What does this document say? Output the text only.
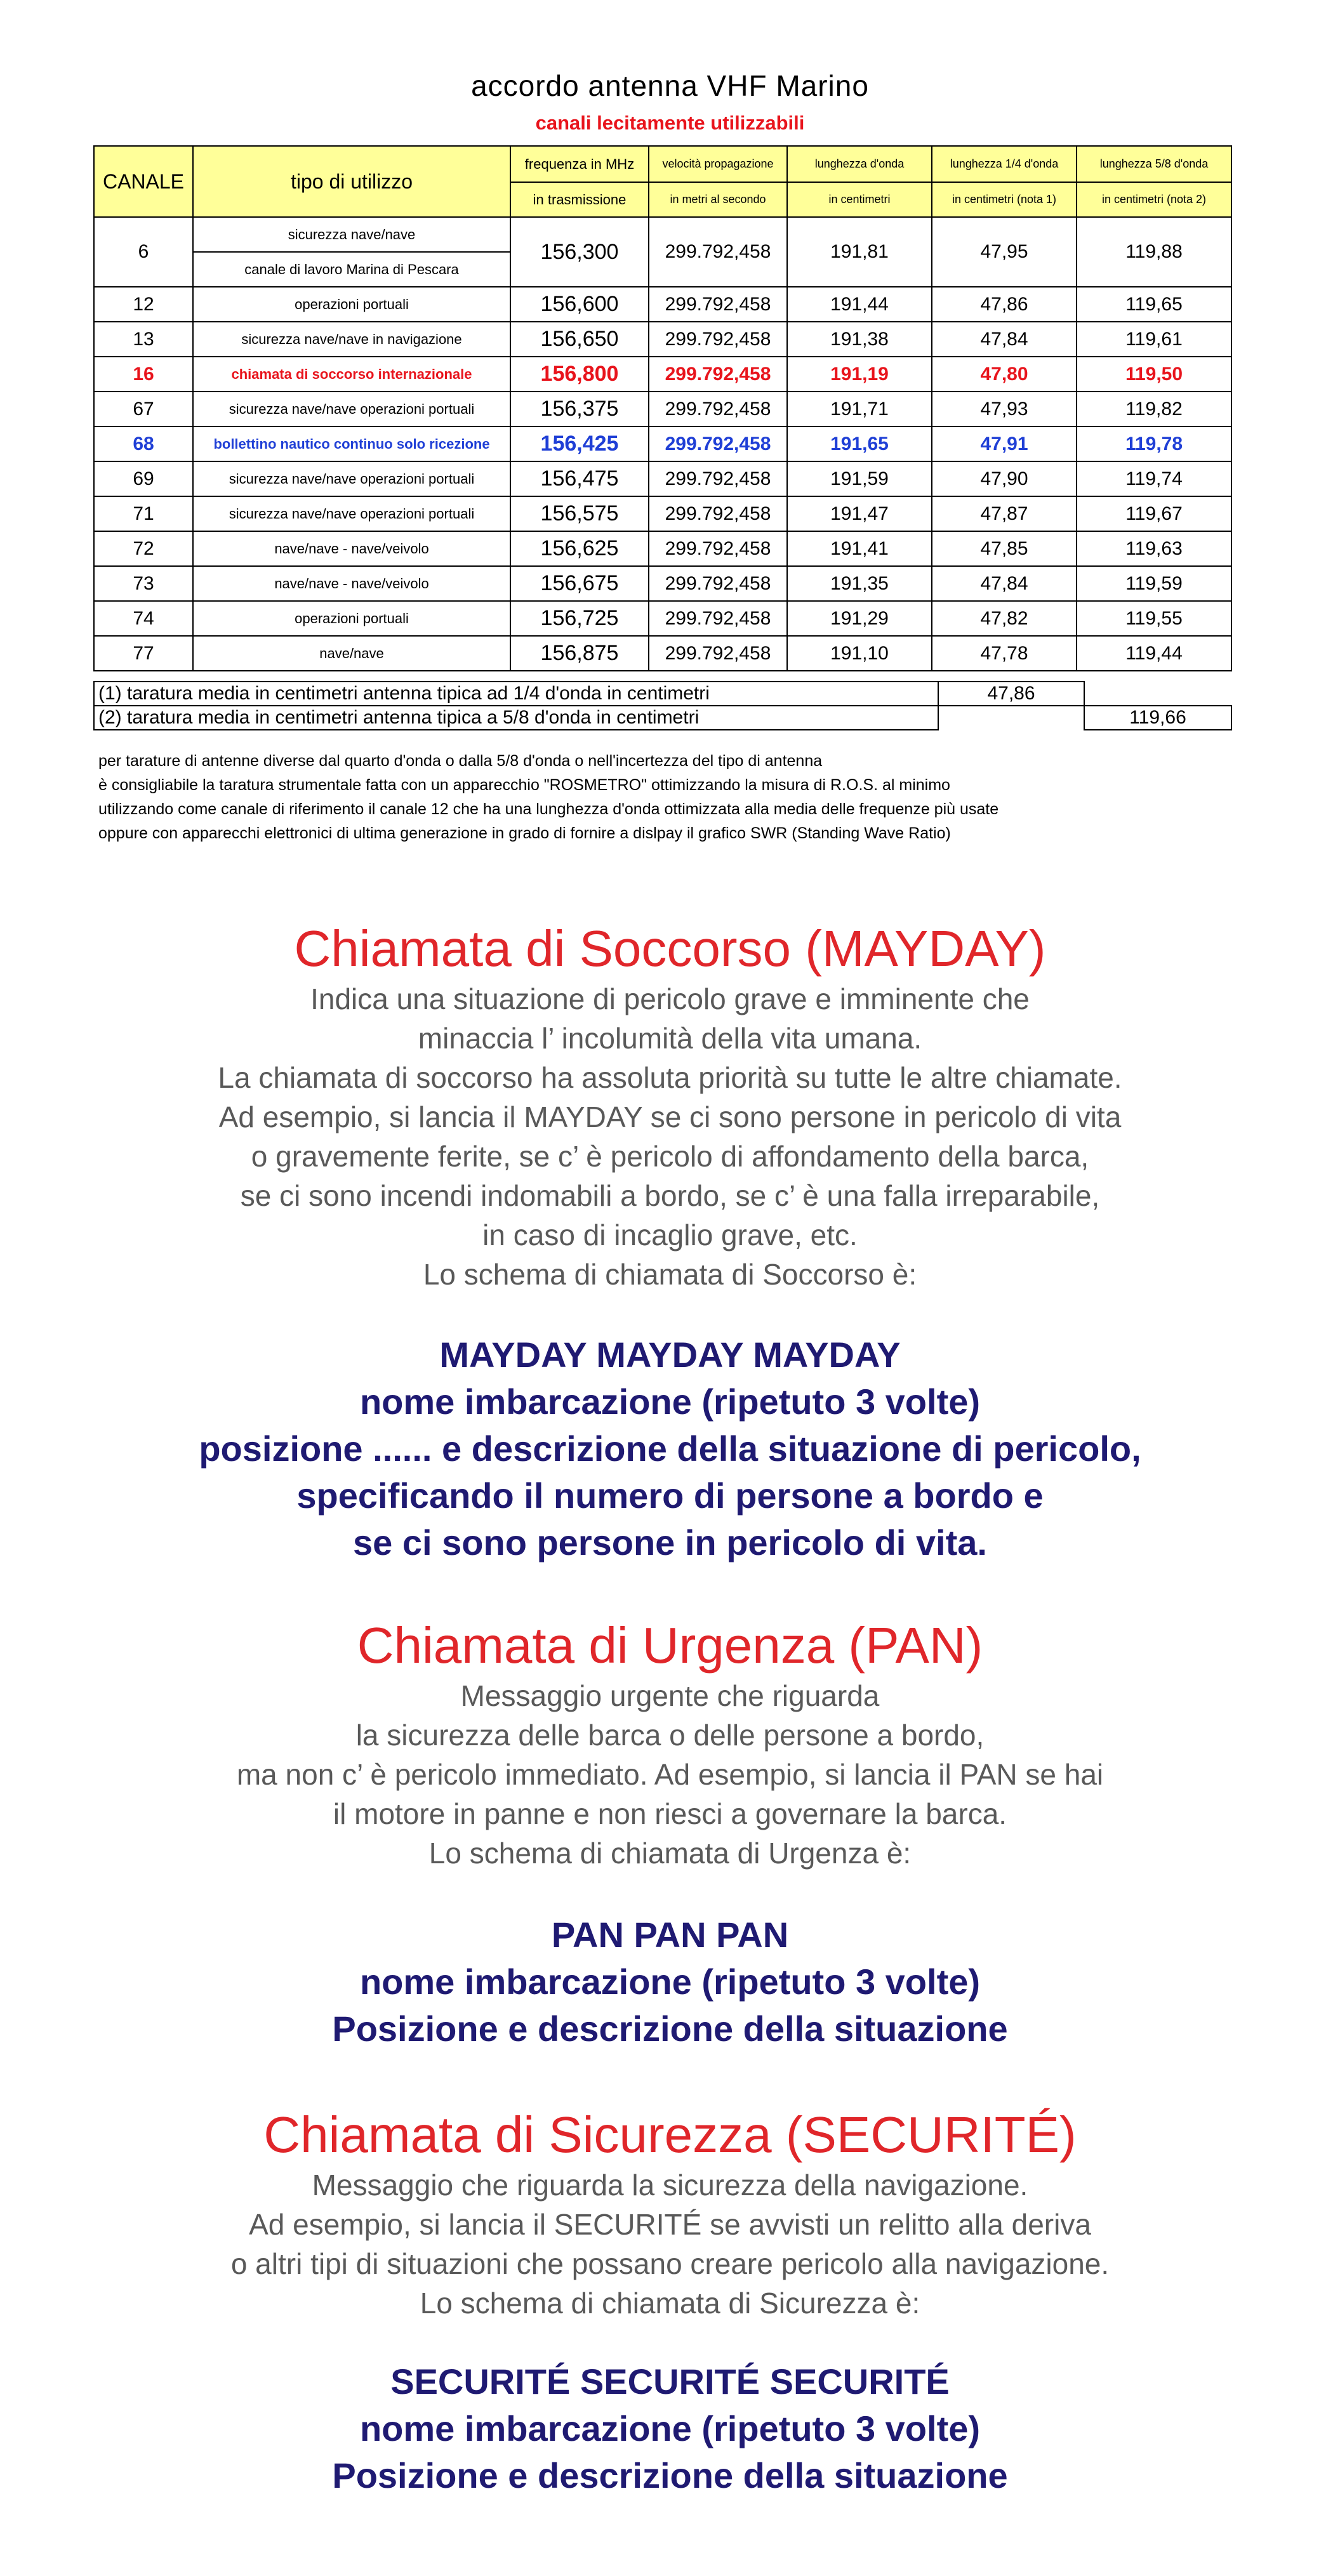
accordo antenna VHF Marino
canali lecitamente utilizzabili
CANALE	tipo di utilizzo	frequenza in MHz	velocità propagazione	lunghezza d'onda	lunghezza 1/4 d'onda	lunghezza 5/8 d'onda
		in trasmissione	in metri al secondo	in centimetri	in centimetri (nota 1)	in centimetri (nota 2)
6	sicurezza nave/nave	156,300	299.792,458	191,81	47,95	119,88
	canale di lavoro Marina di Pescara					
12	operazioni portuali	156,600	299.792,458	191,44	47,86	119,65
13	sicurezza nave/nave in navigazione	156,650	299.792,458	191,38	47,84	119,61
16	chiamata di soccorso internazionale	156,800	299.792,458	191,19	47,80	119,50
67	sicurezza nave/nave operazioni portuali	156,375	299.792,458	191,71	47,93	119,82
68	bollettino nautico continuo solo ricezione	156,425	299.792,458	191,65	47,91	119,78
69	sicurezza nave/nave operazioni portuali	156,475	299.792,458	191,59	47,90	119,74
71	sicurezza nave/nave operazioni portuali	156,575	299.792,458	191,47	47,87	119,67
72	nave/nave - nave/veivolo	156,625	299.792,458	191,41	47,85	119,63
73	nave/nave - nave/veivolo	156,675	299.792,458	191,35	47,84	119,59
74	operazioni portuali	156,725	299.792,458	191,29	47,82	119,55
77	nave/nave	156,875	299.792,458	191,10	47,78	119,44
(1) taratura media in centimetri antenna tipica ad 1/4 d'onda in centimetri	47,86	
(2) taratura media in centimetri antenna tipica a 5/8 d'onda in centimetri		119,66
per tarature di antenne diverse dal quarto d'onda o dalla 5/8 d'onda o nell'incertezza del tipo di antenna
è consigliabile la taratura strumentale fatta con un apparecchio "ROSMETRO" ottimizzando la misura di R.O.S. al minimo
utilizzando come canale di riferimento il canale 12 che ha una lunghezza d'onda ottimizzata alla media delle frequenze più usate
oppure con apparecchi elettronici di ultima generazione in grado di fornire a dislpay il grafico SWR (Standing Wave Ratio)
Chiamata di Soccorso (MAYDAY)
Indica una situazione di pericolo grave e imminente che
minaccia l’ incolumità della vita umana.
La chiamata di soccorso ha assoluta priorità su tutte le altre chiamate.
Ad esempio, si lancia il MAYDAY se ci sono persone in pericolo di vita
o gravemente ferite, se c’ è pericolo di affondamento della barca,
se ci sono incendi indomabili a bordo, se c’ è una falla irreparabile,
in caso di incaglio grave, etc.
Lo schema di chiamata di Soccorso è:
MAYDAY MAYDAY MAYDAY
nome imbarcazione (ripetuto 3 volte)
posizione ...... e descrizione della situazione di pericolo,
specificando il numero di persone a bordo e
se ci sono persone in pericolo di vita.
Chiamata di Urgenza (PAN)
Messaggio urgente che riguarda
la sicurezza delle barca o delle persone a bordo,
ma non c’ è pericolo immediato. Ad esempio, si lancia il PAN se hai
il motore in panne e non riesci a governare la barca.
Lo schema di chiamata di Urgenza è:
PAN PAN PAN
nome imbarcazione (ripetuto 3 volte)
Posizione e descrizione della situazione
Chiamata di Sicurezza (SECURITÉ)
Messaggio che riguarda la sicurezza della navigazione.
Ad esempio, si lancia il SECURITÉ se avvisti un relitto alla deriva
o altri tipi di situazioni che possano creare pericolo alla navigazione.
Lo schema di chiamata di Sicurezza è:
SECURITÉ SECURITÉ SECURITÉ
nome imbarcazione (ripetuto 3 volte)
Posizione e descrizione della situazione
